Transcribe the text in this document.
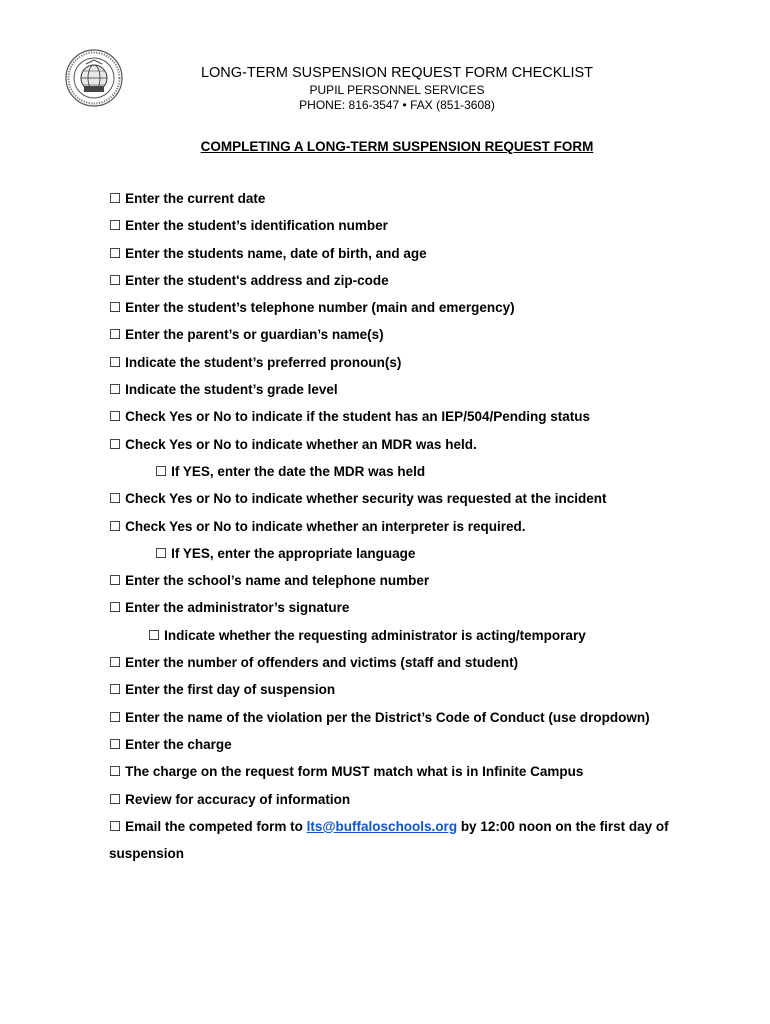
LONG-TERM SUSPENSION REQUEST FORM CHECKLIST
PUPIL PERSONNEL SERVICES
PHONE: 816-3547 • FAX (851-3608)
COMPLETING A LONG-TERM SUSPENSION REQUEST FORM
☐ Enter the current date
☐ Enter the student’s identification number
☐ Enter the students name, date of birth, and age
☐ Enter the student's address and zip-code
☐ Enter the student’s telephone number (main and emergency)
☐ Enter the parent’s or guardian’s name(s)
☐ Indicate the student’s preferred pronoun(s)
☐ Indicate the student’s grade level
☐ Check Yes or No to indicate if the student has an IEP/504/Pending status
☐ Check Yes or No to indicate whether an MDR was held.
☐ If YES, enter the date the MDR was held
☐ Check Yes or No to indicate whether security was requested at the incident
☐ Check Yes or No to indicate whether an interpreter is required.
☐ If YES, enter the appropriate language
☐ Enter the school’s name and telephone number
☐ Enter the administrator’s signature
☐ Indicate whether the requesting administrator is acting/temporary
☐ Enter the number of offenders and victims (staff and student)
☐ Enter the first day of suspension
☐ Enter the name of the violation per the District’s Code of Conduct (use dropdown)
☐ Enter the charge
☐ The charge on the request form MUST match what is in Infinite Campus
☐ Review for accuracy of information
☐ Email the competed form to lts@buffaloschools.org by 12:00 noon on the first day of suspension
